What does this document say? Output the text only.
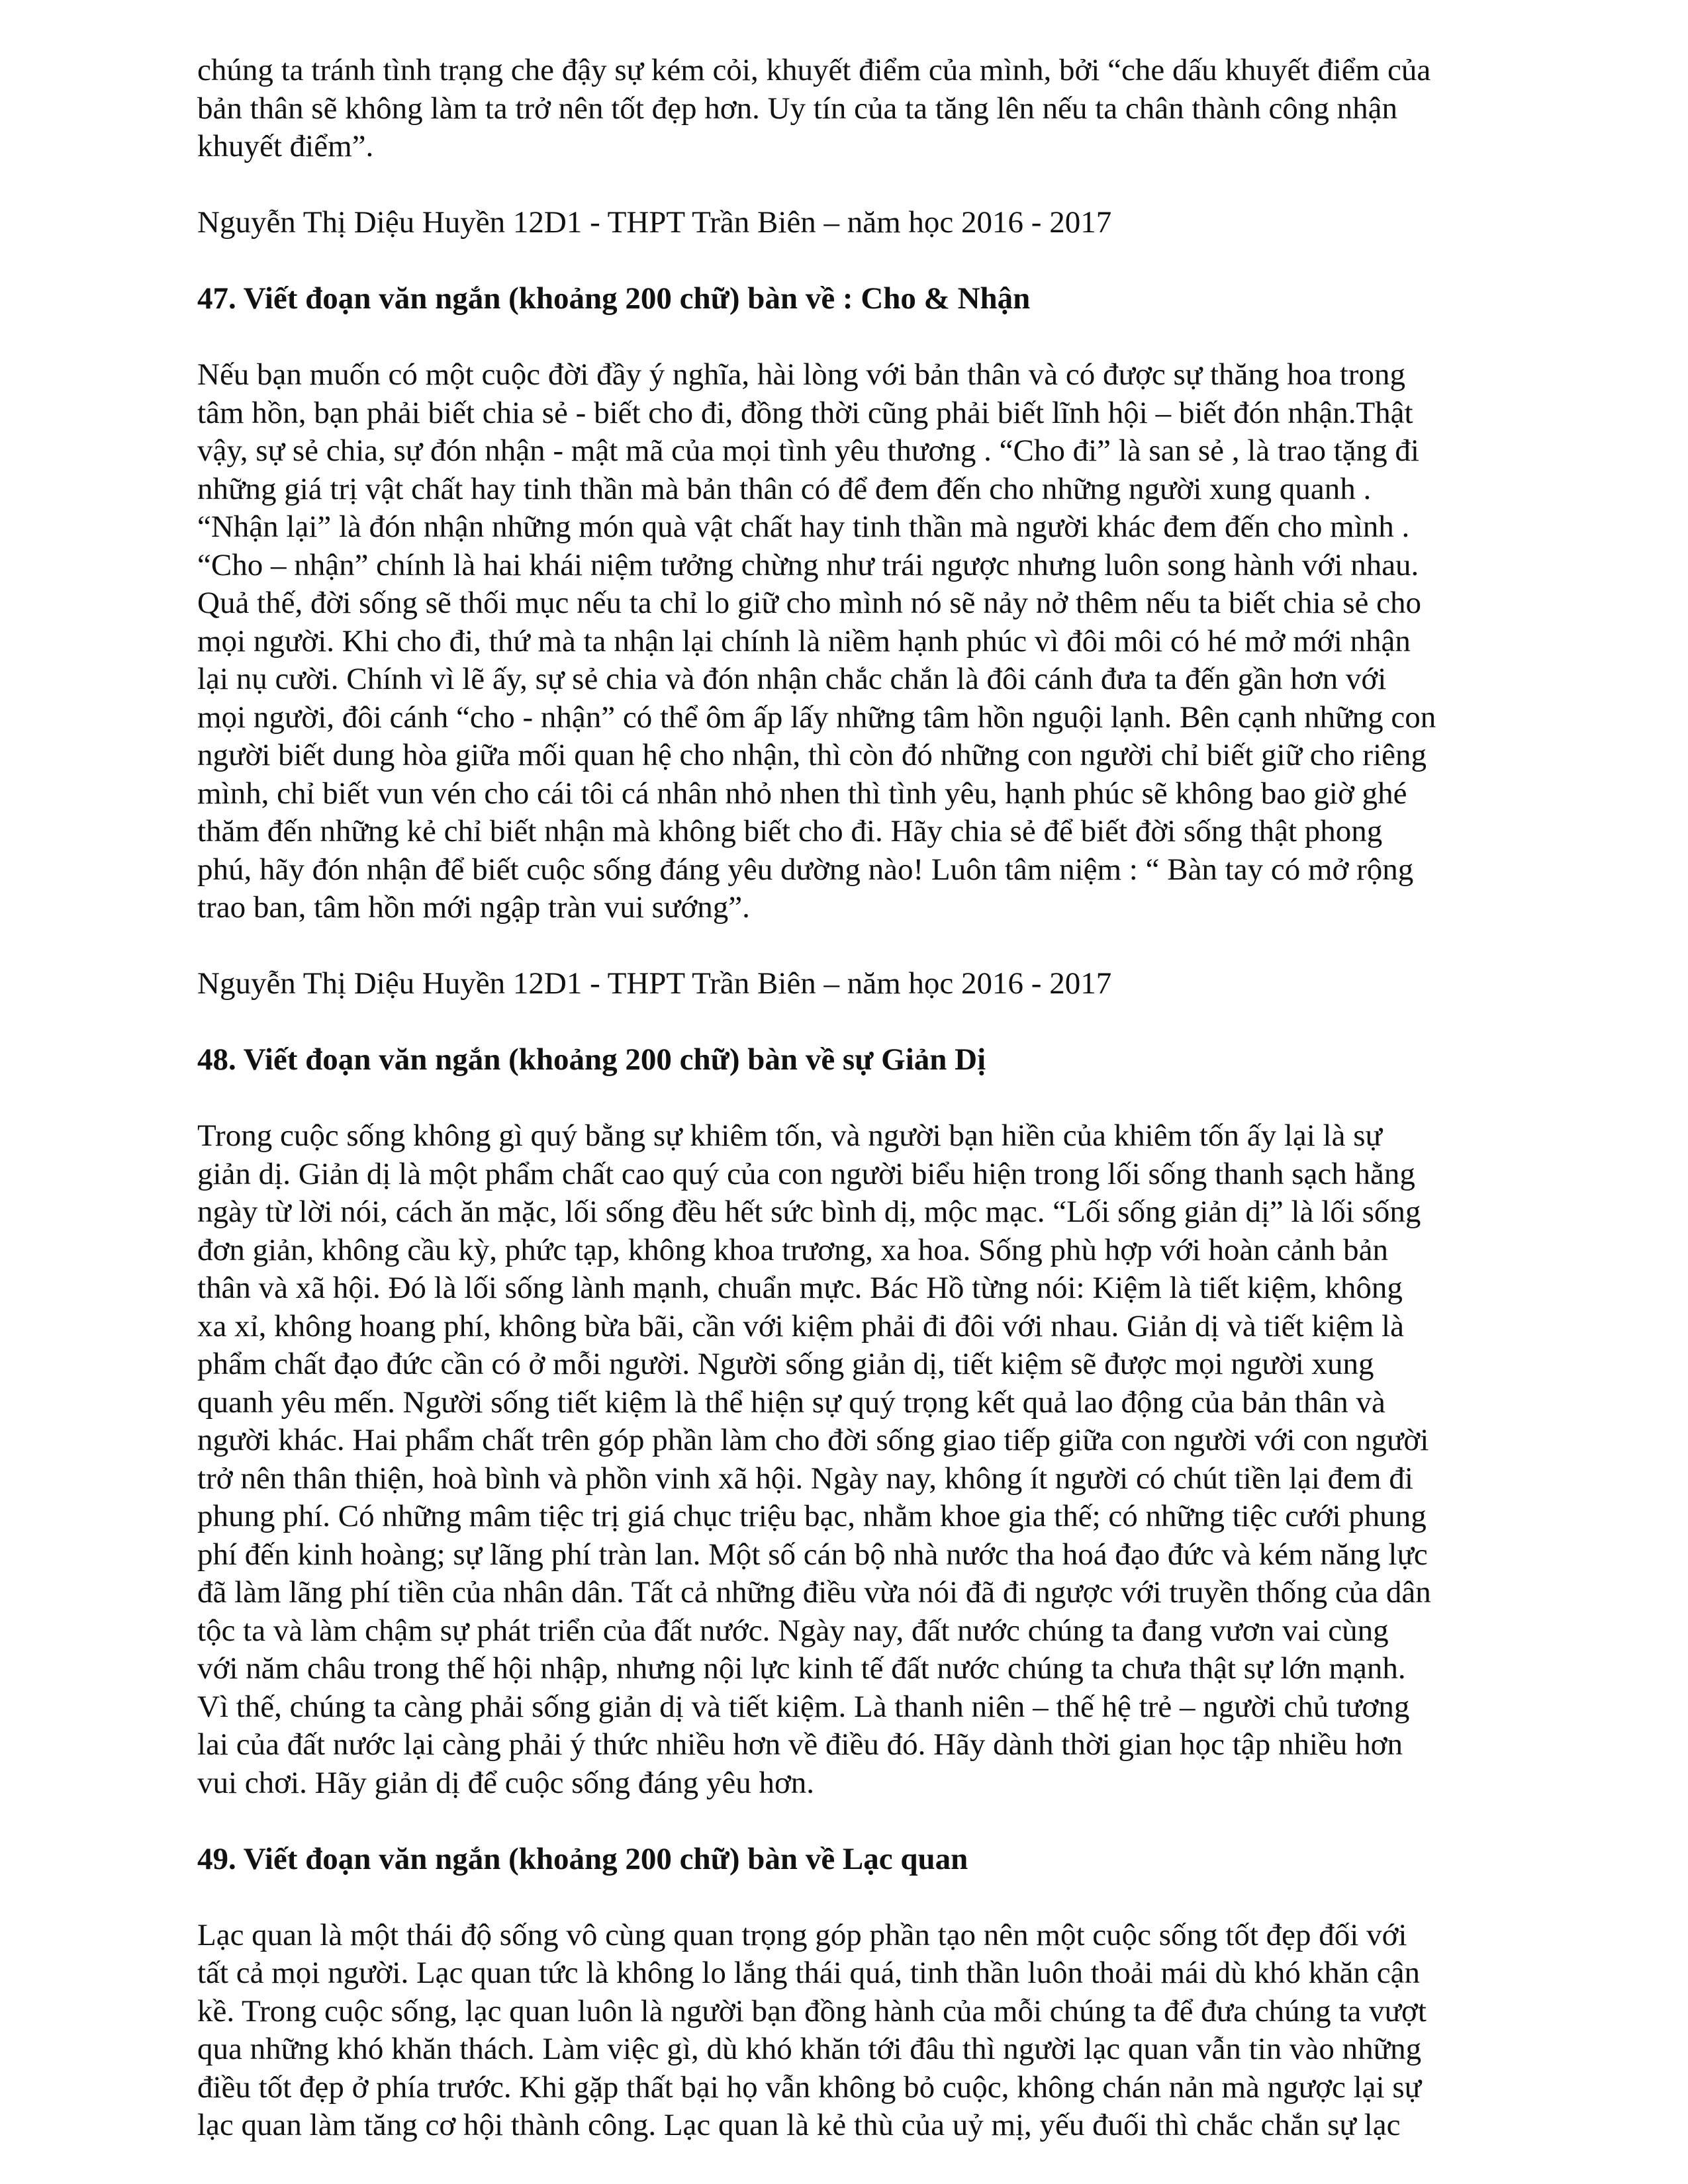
chúng ta tránh tình trạng che đậy sự kém cỏi, khuyết điểm của mình, bởi “che dấu khuyết điểm của
bản thân sẽ không làm ta trở nên tốt đẹp hơn. Uy tín của ta tăng lên nếu ta chân thành công nhận
khuyết điểm”.

Nguyễn Thị Diệu Huyền 12D1 - THPT Trần Biên – năm học 2016 - 2017

47. Viết đoạn văn ngắn (khoảng 200 chữ) bàn về : Cho & Nhận

Nếu bạn muốn có một cuộc đời đầy ý nghĩa, hài lòng với bản thân và có được sự thăng hoa trong
tâm hồn, bạn phải biết chia sẻ - biết cho đi, đồng thời cũng phải biết lĩnh hội – biết đón nhận.Thật
vậy, sự sẻ chia, sự đón nhận - mật mã của mọi tình yêu thương . “Cho đi” là san sẻ , là trao tặng đi
những giá trị vật chất hay tinh thần mà bản thân có để đem đến cho những người xung quanh .
“Nhận lại” là đón nhận những món quà vật chất hay tinh thần mà người khác đem đến cho mình .
“Cho – nhận” chính là hai khái niệm tưởng chừng như trái ngược nhưng luôn song hành với nhau.
Quả thế, đời sống sẽ thối mục nếu ta chỉ lo giữ cho mình nó sẽ nảy nở thêm nếu ta biết chia sẻ cho
mọi người. Khi cho đi, thứ mà ta nhận lại chính là niềm hạnh phúc vì đôi môi có hé mở mới nhận
lại nụ cười. Chính vì lẽ ấy, sự sẻ chia và đón nhận chắc chắn là đôi cánh đưa ta đến gần hơn với
mọi người, đôi cánh “cho - nhận” có thể ôm ấp lấy những tâm hồn nguội lạnh. Bên cạnh những con
người biết dung hòa giữa mối quan hệ cho nhận, thì còn đó những con người chỉ biết giữ cho riêng
mình, chỉ biết vun vén cho cái tôi cá nhân nhỏ nhen thì tình yêu, hạnh phúc sẽ không bao giờ ghé
thăm đến những kẻ chỉ biết nhận mà không biết cho đi. Hãy chia sẻ để biết đời sống thật phong
phú, hãy đón nhận để biết cuộc sống đáng yêu dường nào! Luôn tâm niệm : “ Bàn tay có mở rộng
trao ban, tâm hồn mới ngập tràn vui sướng”.

Nguyễn Thị Diệu Huyền 12D1 - THPT Trần Biên – năm học 2016 - 2017

48. Viết đoạn văn ngắn (khoảng 200 chữ) bàn về sự Giản Dị

Trong cuộc sống không gì quý bằng sự khiêm tốn, và người bạn hiền của khiêm tốn ấy lại là sự
giản dị. Giản dị là một phẩm chất cao quý của con người biểu hiện trong lối sống thanh sạch hằng
ngày từ lời nói, cách ăn mặc, lối sống đều hết sức bình dị, mộc mạc. “Lối sống giản dị” là lối sống
đơn giản, không cầu kỳ, phức tạp, không khoa trương, xa hoa. Sống phù hợp với hoàn cảnh bản
thân và xã hội. Đó là lối sống lành mạnh, chuẩn mực. Bác Hồ từng nói: Kiệm là tiết kiệm, không
xa xỉ, không hoang phí, không bừa bãi, cần với kiệm phải đi đôi với nhau. Giản dị và tiết kiệm là
phẩm chất đạo đức cần có ở mỗi người. Người sống giản dị, tiết kiệm sẽ được mọi người xung
quanh yêu mến. Người sống tiết kiệm là thể hiện sự quý trọng kết quả lao động của bản thân và
người khác. Hai phẩm chất trên góp phần làm cho đời sống giao tiếp giữa con người với con người
trở nên thân thiện, hoà bình và phồn vinh xã hội. Ngày nay, không ít người có chút tiền lại đem đi
phung phí. Có những mâm tiệc trị giá chục triệu bạc, nhằm khoe gia thế; có những tiệc cưới phung
phí đến kinh hoàng; sự lãng phí tràn lan. Một số cán bộ nhà nước tha hoá đạo đức và kém năng lực
đã làm lãng phí tiền của nhân dân. Tất cả những điều vừa nói đã đi ngược với truyền thống của dân
tộc ta và làm chậm sự phát triển của đất nước. Ngày nay, đất nước chúng ta đang vươn vai cùng
với năm châu trong thế hội nhập, nhưng nội lực kinh tế đất nước chúng ta chưa thật sự lớn mạnh.
Vì thế, chúng ta càng phải sống giản dị và tiết kiệm. Là thanh niên – thế hệ trẻ – người chủ tương
lai của đất nước lại càng phải ý thức nhiều hơn về điều đó. Hãy dành thời gian học tập nhiều hơn
vui chơi. Hãy giản dị để cuộc sống đáng yêu hơn.

49. Viết đoạn văn ngắn (khoảng 200 chữ) bàn về Lạc quan

Lạc quan là một thái độ sống vô cùng quan trọng góp phần tạo nên một cuộc sống tốt đẹp đối với
tất cả mọi người. Lạc quan tức là không lo lắng thái quá, tinh thần luôn thoải mái dù khó khăn cận
kề. Trong cuộc sống, lạc quan luôn là người bạn đồng hành của mỗi chúng ta để đưa chúng ta vượt
qua những khó khăn thách. Làm việc gì, dù khó khăn tới đâu thì người lạc quan vẫn tin vào những
điều tốt đẹp ở phía trước. Khi gặp thất bại họ vẫn không bỏ cuộc, không chán nản mà ngược lại sự
lạc quan làm tăng cơ hội thành công. Lạc quan là kẻ thù của uỷ mị, yếu đuối thì chắc chắn sự lạc
